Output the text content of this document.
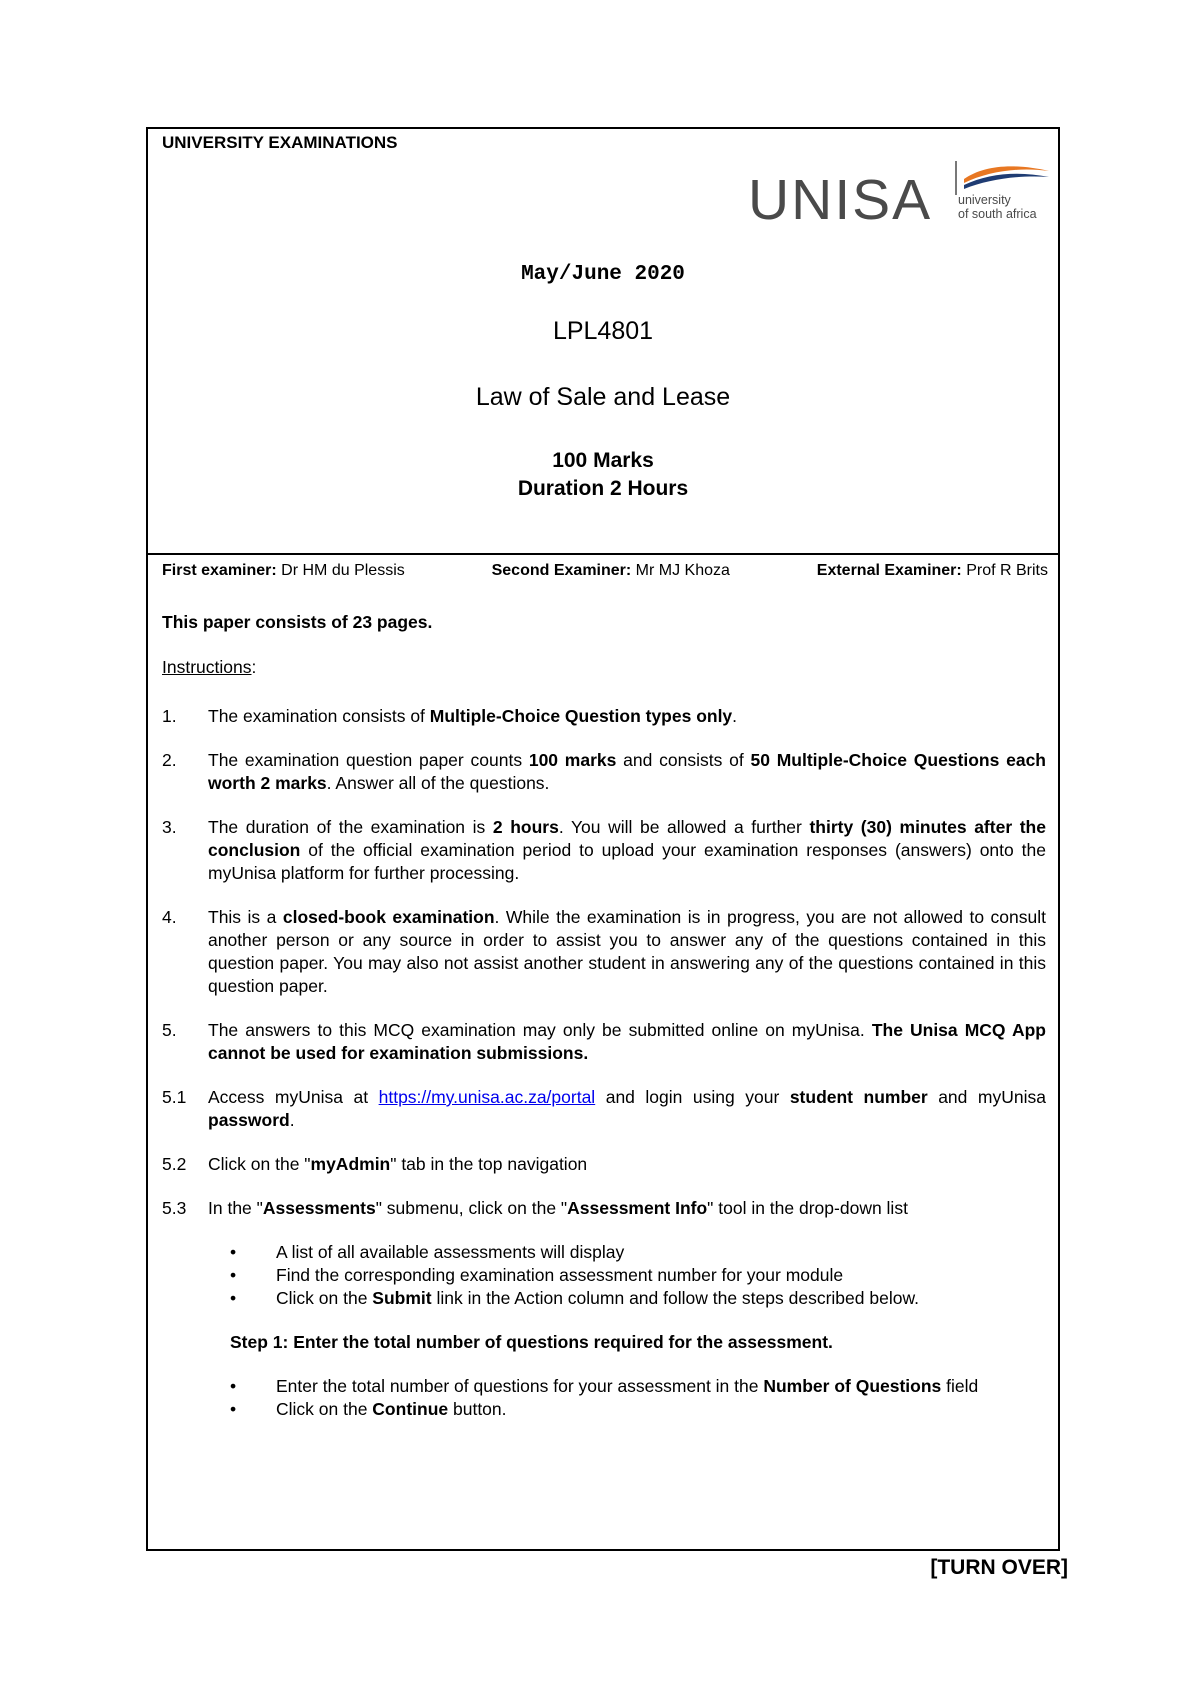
UNIVERSITY EXAMINATIONS
UNISA university
of south africa
May/June 2020
LPL4801
Law of Sale and Lease
100 Marks
Duration 2 Hours
First examiner: Dr HM du Plessis	Second Examiner: Mr MJ Khoza	External Examiner: Prof R Brits

This paper consists of 23 pages.

Instructions:

1.	The examination consists of Multiple-Choice Question types only.
2.	The examination question paper counts 100 marks and consists of 50 Multiple-Choice Questions each worth 2 marks. Answer all of the questions.
3.	The duration of the examination is 2 hours. You will be allowed a further thirty (30) minutes after the conclusion of the official examination period to upload your examination responses (answers) onto the myUnisa platform for further processing.
4.	This is a closed-book examination. While the examination is in progress, you are not allowed to consult another person or any source in order to assist you to answer any of the questions contained in this question paper. You may also not assist another student in answering any of the questions contained in this question paper.
5.	The answers to this MCQ examination may only be submitted online on myUnisa. The Unisa MCQ App cannot be used for examination submissions.
5.1	Access myUnisa at https://my.unisa.ac.za/portal and login using your student number and myUnisa password.
5.2	Click on the "myAdmin" tab in the top navigation
5.3	In the "Assessments" submenu, click on the "Assessment Info" tool in the drop-down list
•	A list of all available assessments will display
•	Find the corresponding examination assessment number for your module
•	Click on the Submit link in the Action column and follow the steps described below.
Step 1: Enter the total number of questions required for the assessment.
•	Enter the total number of questions for your assessment in the Number of Questions field
•	Click on the Continue button.
[TURN OVER]
